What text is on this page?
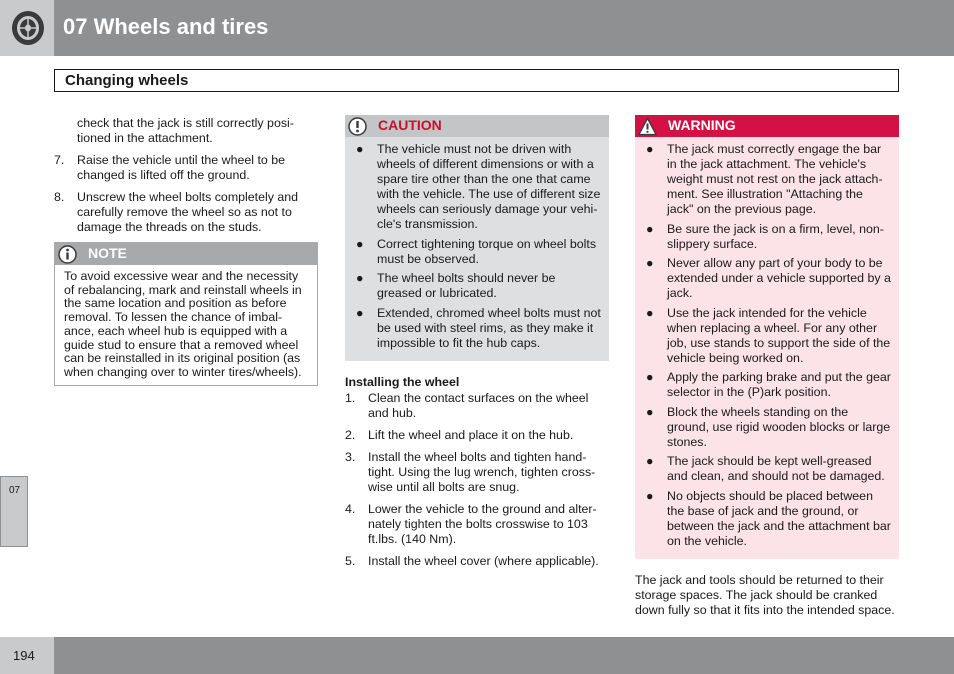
07 Wheels and tires
Changing wheels
check that the jack is still correctly posi-tioned in the attachment.
7.	Raise the vehicle until the wheel to be changed is lifted off the ground.
8.	Unscrew the wheel bolts completely and carefully remove the wheel so as not to damage the threads on the studs.
NOTE
To avoid excessive wear and the necessity of rebalancing, mark and reinstall wheels in the same location and position as before removal. To lessen the chance of imbal-ance, each wheel hub is equipped with a guide stud to ensure that a removed wheel can be reinstalled in its original position (as when changing over to winter tires/wheels).
CAUTION
●	The vehicle must not be driven with wheels of different dimensions or with a spare tire other than the one that came with the vehicle. The use of different size wheels can seriously damage your vehi-cle's transmission.
●	Correct tightening torque on wheel bolts must be observed.
●	The wheel bolts should never be greased or lubricated.
●	Extended, chromed wheel bolts must not be used with steel rims, as they make it impossible to fit the hub caps.
Installing the wheel
1.	Clean the contact surfaces on the wheel and hub.
2.	Lift the wheel and place it on the hub.
3.	Install the wheel bolts and tighten hand-tight. Using the lug wrench, tighten cross-wise until all bolts are snug.
4.	Lower the vehicle to the ground and alter-nately tighten the bolts crosswise to 103 ft.lbs. (140 Nm).
5.	Install the wheel cover (where applicable).
WARNING
●	The jack must correctly engage the bar in the jack attachment. The vehicle's weight must not rest on the jack attach-ment. See illustration "Attaching the jack" on the previous page.
●	Be sure the jack is on a firm, level, non-slippery surface.
●	Never allow any part of your body to be extended under a vehicle supported by a jack.
●	Use the jack intended for the vehicle when replacing a wheel. For any other job, use stands to support the side of the vehicle being worked on.
●	Apply the parking brake and put the gear selector in the (P)ark position.
●	Block the wheels standing on the ground, use rigid wooden blocks or large stones.
●	The jack should be kept well-greased and clean, and should not be damaged.
●	No objects should be placed between the base of jack and the ground, or between the jack and the attachment bar on the vehicle.
The jack and tools should be returned to their storage spaces. The jack should be cranked down fully so that it fits into the intended space.
07
194
